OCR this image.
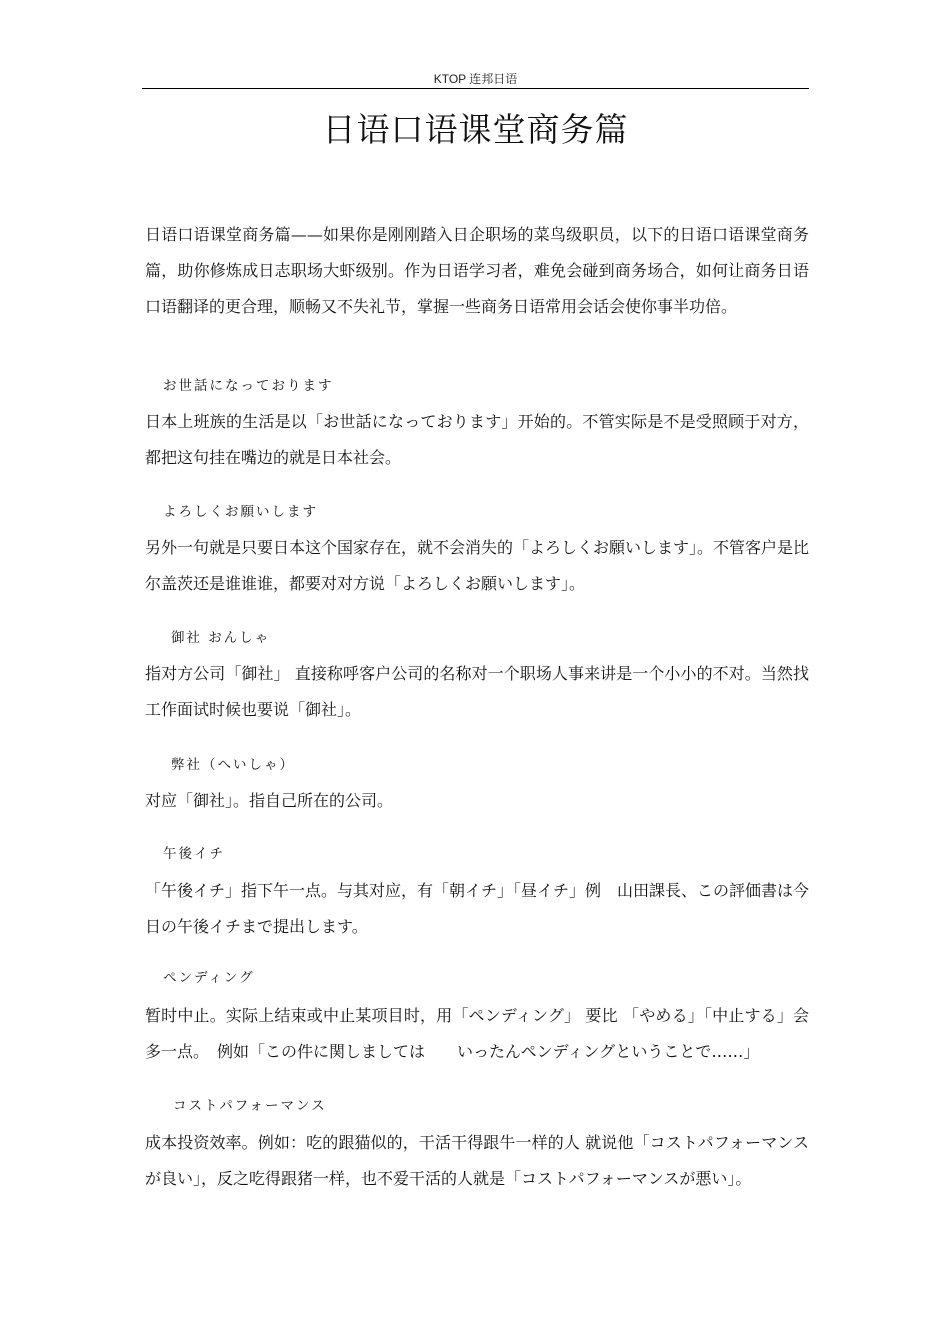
KTOP 连邦日语
日语口语课堂商务篇

日语口语课堂商务篇——如果你是刚刚踏入日企职场的菜鸟级职员，以下的日语口语课堂商务篇，助你修炼成日志职场大虾级别。作为日语学习者，难免会碰到商务场合，如何让商务日语口语翻译的更合理，顺畅又不失礼节，掌握一些商务日语常用会话会使你事半功倍。

お世話になっております

日本上班族的生活是以「お世話になっております」开始的。不管实际是不是受照顾于对方，都把这句挂在嘴边的就是日本社会。

よろしくお願いします

另外一句就是只要日本这个国家存在，就不会消失的「よろしくお願いします」。不管客户是比尔盖茨还是谁谁谁，都要对对方说「よろしくお願いします」。

御社 おんしゃ

指对方公司「御社」 直接称呼客户公司的名称对一个职场人事来讲是一个小小的不对。当然找工作面试时候也要说「御社」。

弊社（へいしゃ）

对应「御社」。指自己所在的公司。

午後イチ

「午後イチ」指下午一点。与其对应，有「朝イチ」「昼イチ」例　山田課長、この評価書は今日の午後イチまで提出します。

ペンディング

暂时中止。实际上结束或中止某项目时，用「ペンディング」 要比 「やめる」「中止する」会多一点。　例如「この件に関しましては　　いったんペンディングということで……」

コストパフォーマンス

成本投资效率。例如：吃的跟猫似的，干活干得跟牛一样的人 就说他「コストパフォーマンスが良い」，反之吃得跟猪一样，也不爱干活的人就是「コストパフォーマンスが悪い」。
